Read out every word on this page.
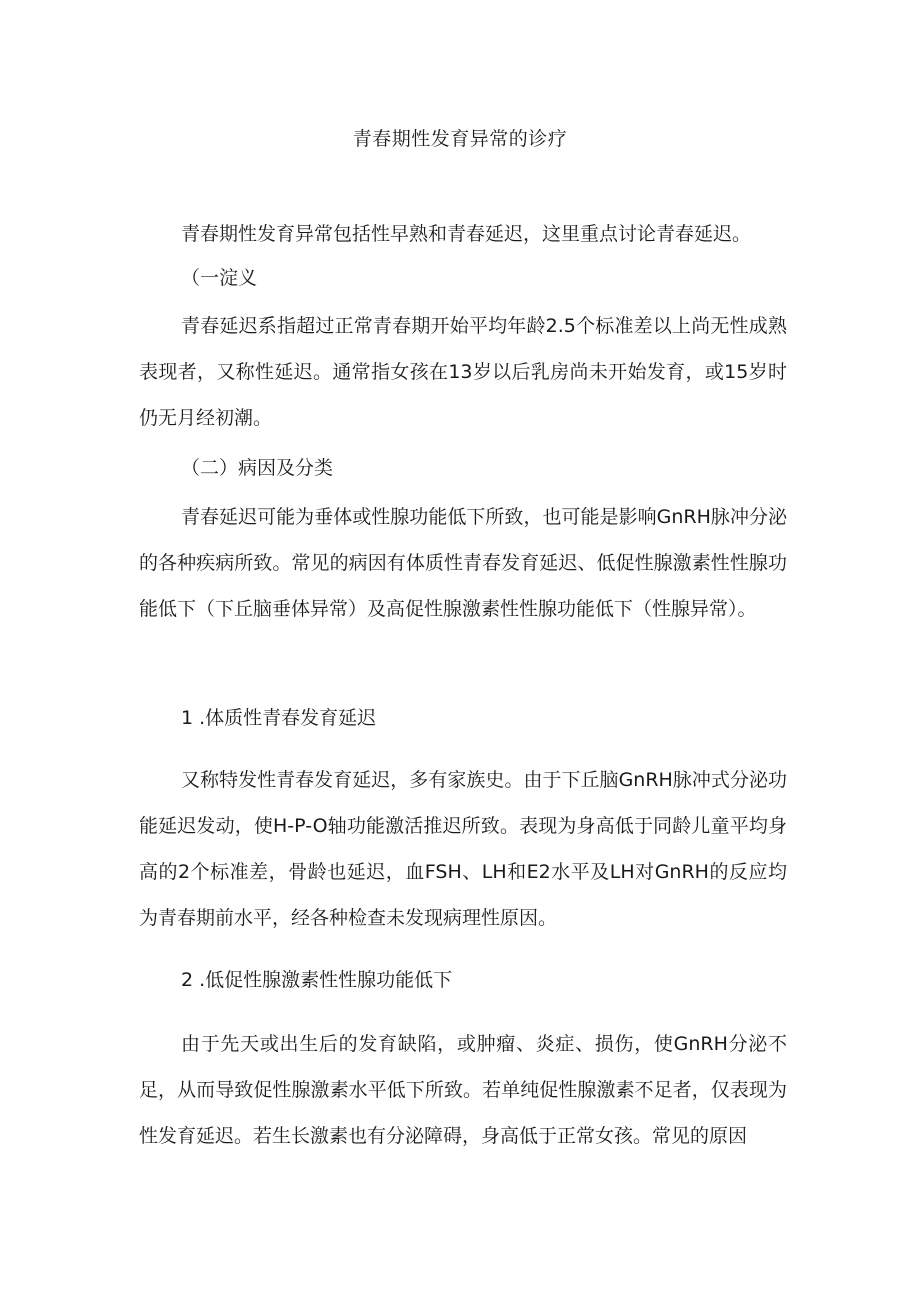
青春期性发育异常的诊疗

青春期性发育异常包括性早熟和青春延迟，这里重点讨论青春延迟。

（一淀义

青春延迟系指超过正常青春期开始平均年龄2.5个标准差以上尚无性成熟表现者，又称性延迟。通常指女孩在13岁以后乳房尚未开始发育，或15岁时仍无月经初潮。

（二）病因及分类

青春延迟可能为垂体或性腺功能低下所致，也可能是影响GnRH脉冲分泌的各种疾病所致。常见的病因有体质性青春发育延迟、低促性腺激素性性腺功能低下（下丘脑垂体异常）及高促性腺激素性性腺功能低下（性腺异常）。

1 .体质性青春发育延迟

又称特发性青春发育延迟，多有家族史。由于下丘脑GnRH脉冲式分泌功能延迟发动，使H-P-O轴功能激活推迟所致。表现为身高低于同龄儿童平均身高的2个标准差，骨龄也延迟，血FSH、LH和E2水平及LH对GnRH的反应均为青春期前水平，经各种检查未发现病理性原因。

2 .低促性腺激素性性腺功能低下

由于先天或出生后的发育缺陷，或肿瘤、炎症、损伤，使GnRH分泌不足，从而导致促性腺激素水平低下所致。若单纯促性腺激素不足者，仅表现为性发育延迟。若生长激素也有分泌障碍，身高低于正常女孩。常见的原因
